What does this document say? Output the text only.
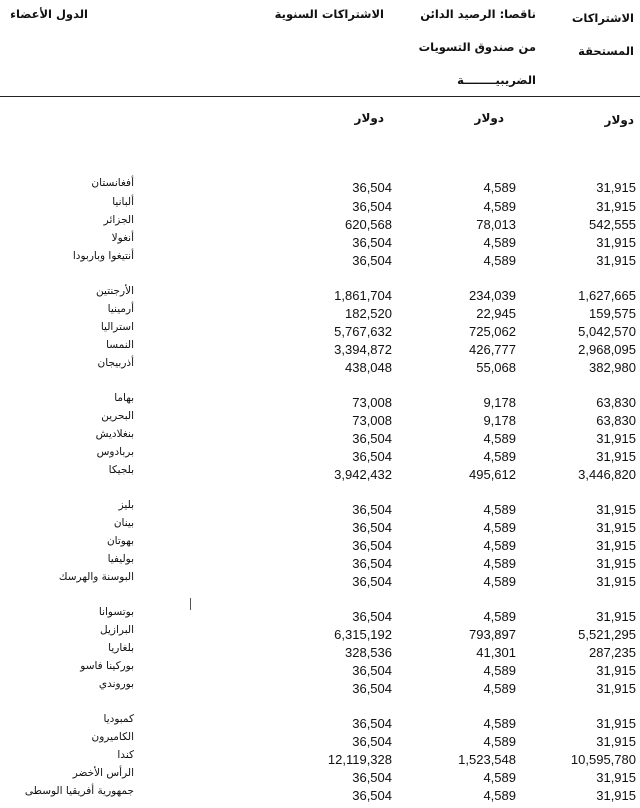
الدول الأعضاء	الاشتراكات السنوية	ناقصا: الرصيد الدائن
من صندوق التسويات
الضريبيــــــــة
الاشتراكات
المستحقة
دولار	دولار	دولار
أفغانستان	36,504	4,589	31,915
ألبانيا	36,504	4,589	31,915
الجزائر	620,568	78,013	542,555
أنغولا	36,504	4,589	31,915
أنتيغوا وباربودا	36,504	4,589	31,915
الأرجنتين	1,861,704	234,039	1,627,665
أرمينيا	182,520	22,945	159,575
استراليا	5,767,632	725,062	5,042,570
النمسا	3,394,872	426,777	2,968,095
أذربيجان	438,048	55,068	382,980
بهاما	73,008	9,178	63,830
البحرين	73,008	9,178	63,830
بنغلاديش	36,504	4,589	31,915
بربادوس	36,504	4,589	31,915
بلجيكا	3,942,432	495,612	3,446,820
بليز	36,504	4,589	31,915
بينان	36,504	4,589	31,915
بهوتان	36,504	4,589	31,915
بوليفيا	36,504	4,589	31,915
البوسنة والهرسك	36,504	4,589	31,915
بوتسوانا	36,504	4,589	31,915
البرازيل	6,315,192	793,897	5,521,295
بلغاريا	328,536	41,301	287,235
بوركينا فاسو	36,504	4,589	31,915
بوروندي	36,504	4,589	31,915
كمبوديا	36,504	4,589	31,915
الكاميرون	36,504	4,589	31,915
كندا	12,119,328	1,523,548	10,595,780
الرأس الأخضر	36,504	4,589	31,915
جمهورية أفريقيا الوسطى	36,504	4,589	31,915
